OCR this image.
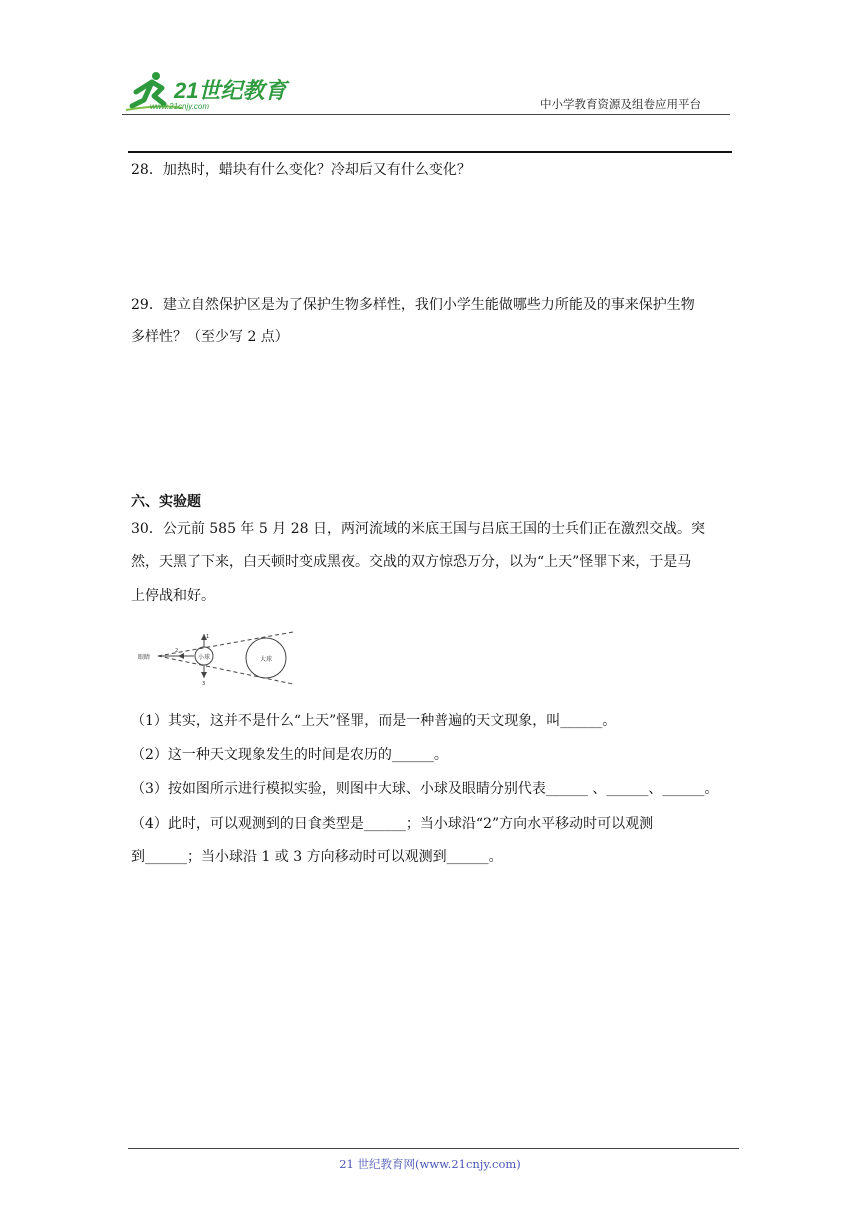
21世纪教育
www.21cnjy.com	中小学教育资源及组卷应用平台
28．加热时，蜡块有什么变化？冷却后又有什么变化？
29．建立自然保护区是为了保护生物多样性，我们小学生能做哪些力所能及的事来保护生物
多样性？（至少写 2 点）
六、实验题
30．公元前 585 年 5 月 28 日，两河流域的米底王国与吕底王国的士兵们正在激烈交战。突
然，天黑了下来，白天顿时变成黑夜。交战的双方惊恐万分，以为“上天”怪罪下来，于是马
上停战和好。
眼睛	小球	大球
1
3
2
（1）其实，这并不是什么“上天”怪罪，而是一种普遍的天文现象，叫______。
（2）这一种天文现象发生的时间是农历的______。
（3）按如图所示进行模拟实验，则图中大球、小球及眼睛分别代表______ 、______、______。
（4）此时，可以观测到的日食类型是______；当小球沿“2”方向水平移动时可以观测
到______；当小球沿 1 或 3 方向移动时可以观测到______。
21 世纪教育网(www.21cnjy.com)
